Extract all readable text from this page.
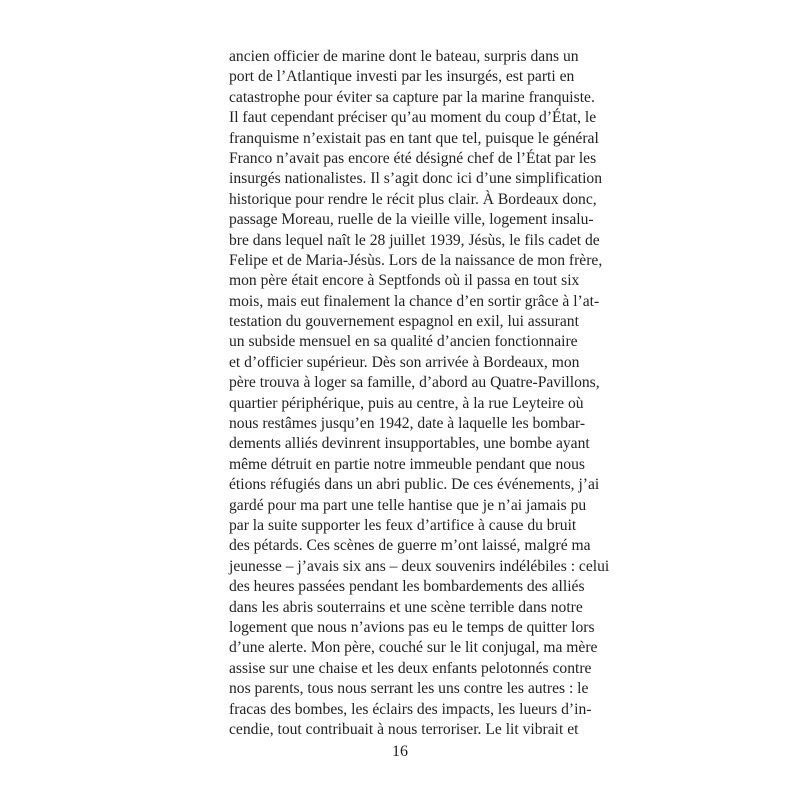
ancien officier de marine dont le bateau, surpris dans un
port de l’Atlantique investi par les insurgés, est parti en
catastrophe pour éviter sa capture par la marine franquiste.
Il faut cependant préciser qu’au moment du coup d’État, le
franquisme n’existait pas en tant que tel, puisque le général
Franco n’avait pas encore été désigné chef de l’État par les
insurgés nationalistes. Il s’agit donc ici d’une simplification
historique pour rendre le récit plus clair. À Bordeaux donc,
passage Moreau, ruelle de la vieille ville, logement insalu-
bre dans lequel naît le 28 juillet 1939, Jésùs, le fils cadet de
Felipe et de Maria-Jésùs. Lors de la naissance de mon frère,
mon père était encore à Septfonds où il passa en tout six
mois, mais eut finalement la chance d’en sortir grâce à l’at-
testation du gouvernement espagnol en exil, lui assurant
un subside mensuel en sa qualité d’ancien fonctionnaire
et d’officier supérieur. Dès son arrivée à Bordeaux, mon
père trouva à loger sa famille, d’abord au Quatre-Pavillons,
quartier périphérique, puis au centre, à la rue Leyteire où
nous restâmes jusqu’en 1942, date à laquelle les bombar-
dements alliés devinrent insupportables, une bombe ayant
même détruit en partie notre immeuble pendant que nous
étions réfugiés dans un abri public. De ces événements, j’ai
gardé pour ma part une telle hantise que je n’ai jamais pu
par la suite supporter les feux d’artifice à cause du bruit
des pétards. Ces scènes de guerre m’ont laissé, malgré ma
jeunesse – j’avais six ans – deux souvenirs indélébiles : celui
des heures passées pendant les bombardements des alliés
dans les abris souterrains et une scène terrible dans notre
logement que nous n’avions pas eu le temps de quitter lors
d’une alerte. Mon père, couché sur le lit conjugal, ma mère
assise sur une chaise et les deux enfants pelotonnés contre
nos parents, tous nous serrant les uns contre les autres : le
fracas des bombes, les éclairs des impacts, les lueurs d’in-
cendie, tout contribuait à nous terroriser. Le lit vibrait et
16
